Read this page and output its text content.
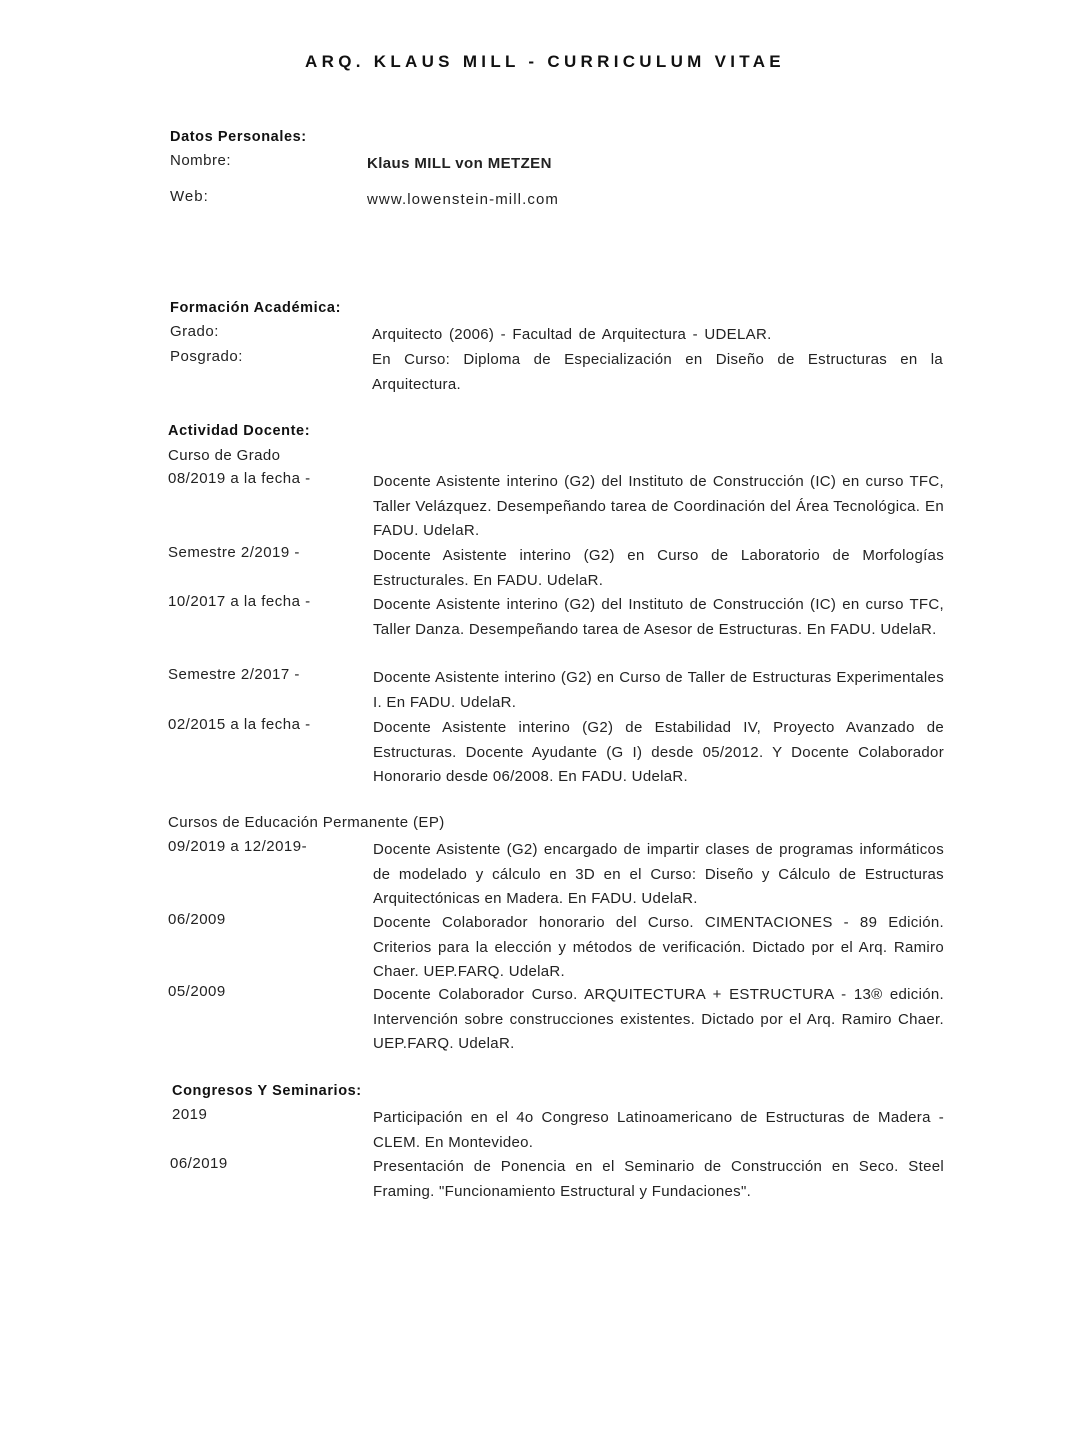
ARQ. KLAUS MILL - CURRICULUM VITAE
Datos Personales:
Nombre:	Klaus MILL von METZEN
Web:	www.lowenstein-mill.com
Formación Académica:
Grado:	Arquitecto (2006) - Facultad de Arquitectura - UDELAR.
Posgrado:	En Curso: Diploma de Especialización en Diseño de Estructuras en la Arquitectura.
Actividad Docente:
Curso de Grado
08/2019 a la fecha -	Docente Asistente interino (G2) del Instituto de Construcción (IC) en curso TFC, Taller Velázquez. Desempeñando tarea de Coordinación del Área Tecnológica. En FADU. UdelaR.
Semestre 2/2019 -	Docente Asistente interino (G2) en Curso de Laboratorio de Morfologías Estructurales. En FADU. UdelaR.
10/2017 a la fecha -	Docente Asistente interino (G2) del Instituto de Construcción (IC) en curso TFC, Taller Danza. Desempeñando tarea de Asesor de Estructuras. En FADU. UdelaR.
Semestre 2/2017 -	Docente Asistente interino (G2) en Curso de Taller de Estructuras Experimentales I. En FADU. UdelaR.
02/2015 a la fecha -	Docente Asistente interino (G2) de Estabilidad IV, Proyecto Avanzado de Estructuras. Docente Ayudante (G I) desde 05/2012. Y Docente Colaborador Honorario desde 06/2008. En FADU. UdelaR.
Cursos de Educación Permanente (EP)
09/2019 a 12/2019-	Docente Asistente (G2) encargado de impartir clases de programas informáticos de modelado y cálculo en 3D en el Curso: Diseño y Cálculo de Estructuras Arquitectónicas en Madera. En FADU. UdelaR.
06/2009	Docente Colaborador honorario del Curso. CIMENTACIONES - 89 Edición. Criterios para la elección y métodos de verificación. Dictado por el Arq. Ramiro Chaer. UEP.FARQ. UdelaR.
05/2009	Docente Colaborador Curso. ARQUITECTURA + ESTRUCTURA - 13® edición. Intervención sobre construcciones existentes. Dictado por el Arq. Ramiro Chaer. UEP.FARQ. UdelaR.
Congresos Y Seminarios:
2019	Participación en el 4o Congreso Latinoamericano de Estructuras de Madera -CLEM. En Montevideo.
06/2019	Presentación de Ponencia en el Seminario de Construcción en Seco. Steel Framing. "Funcionamiento Estructural y Fundaciones".
